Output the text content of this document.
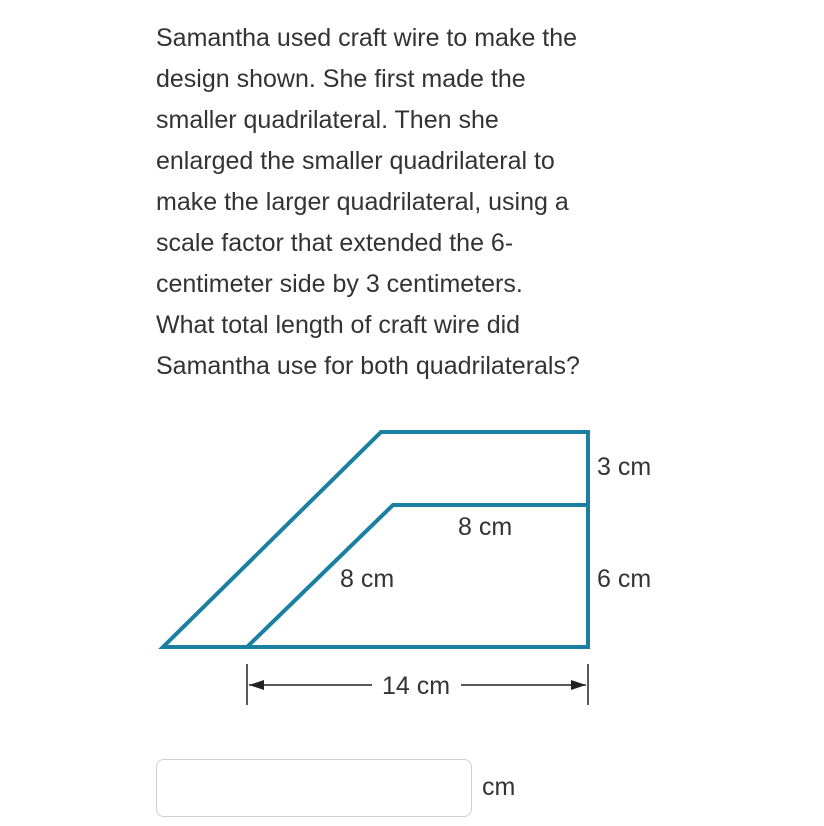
Samantha used craft wire to make the
design shown. She first made the
smaller quadrilateral. Then she
enlarged the smaller quadrilateral to
make the larger quadrilateral, using a
scale factor that extended the 6-
centimeter side by 3 centimeters.
What total length of craft wire did
Samantha use for both quadrilaterals?
3 cm
8 cm
8 cm	6 cm
14 cm
cm
